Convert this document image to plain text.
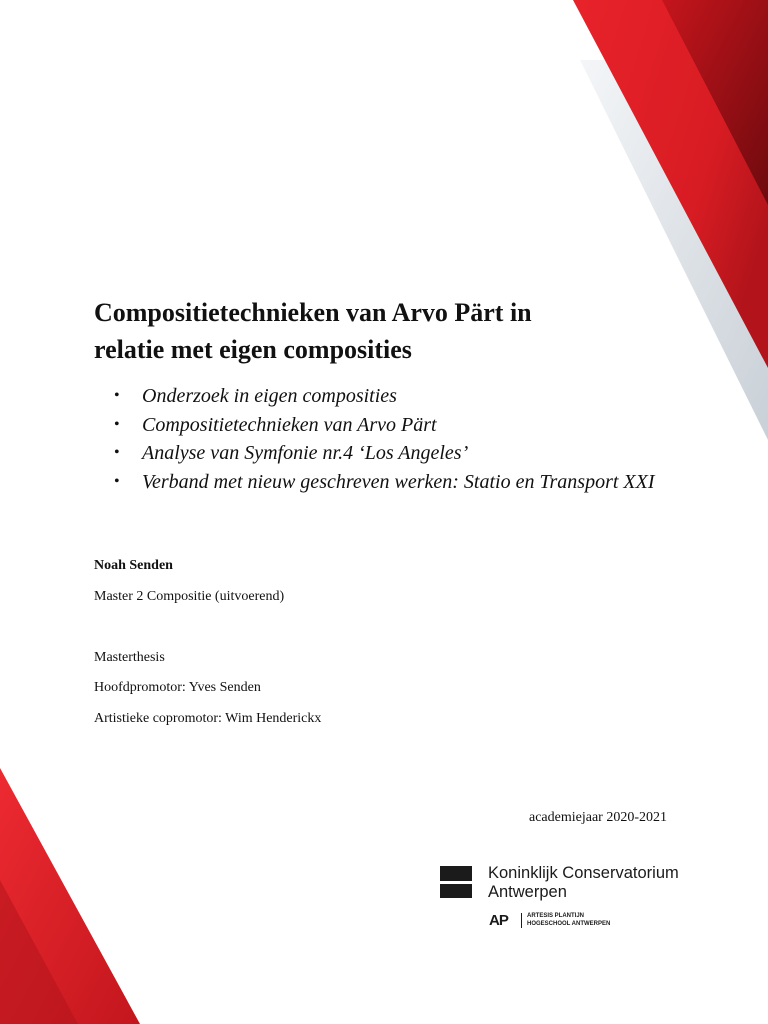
Compositietechnieken van Arvo Pärt in
relatie met eigen composities
• Onderzoek in eigen composities
• Compositietechnieken van Arvo Pärt
• Analyse van Symfonie nr.4 ‘Los Angeles’
• Verband met nieuw geschreven werken: Statio en Transport XXI

Noah Senden

Master 2 Compositie (uitvoerend)

Masterthesis

Hoofdpromotor: Yves Senden

Artistieke copromotor: Wim Henderickx

academiejaar 2020-2021
Koninklijk Conservatorium
Antwerpen
AP	ARTESIS PLANTIJN
HOGESCHOOL ANTWERPEN
